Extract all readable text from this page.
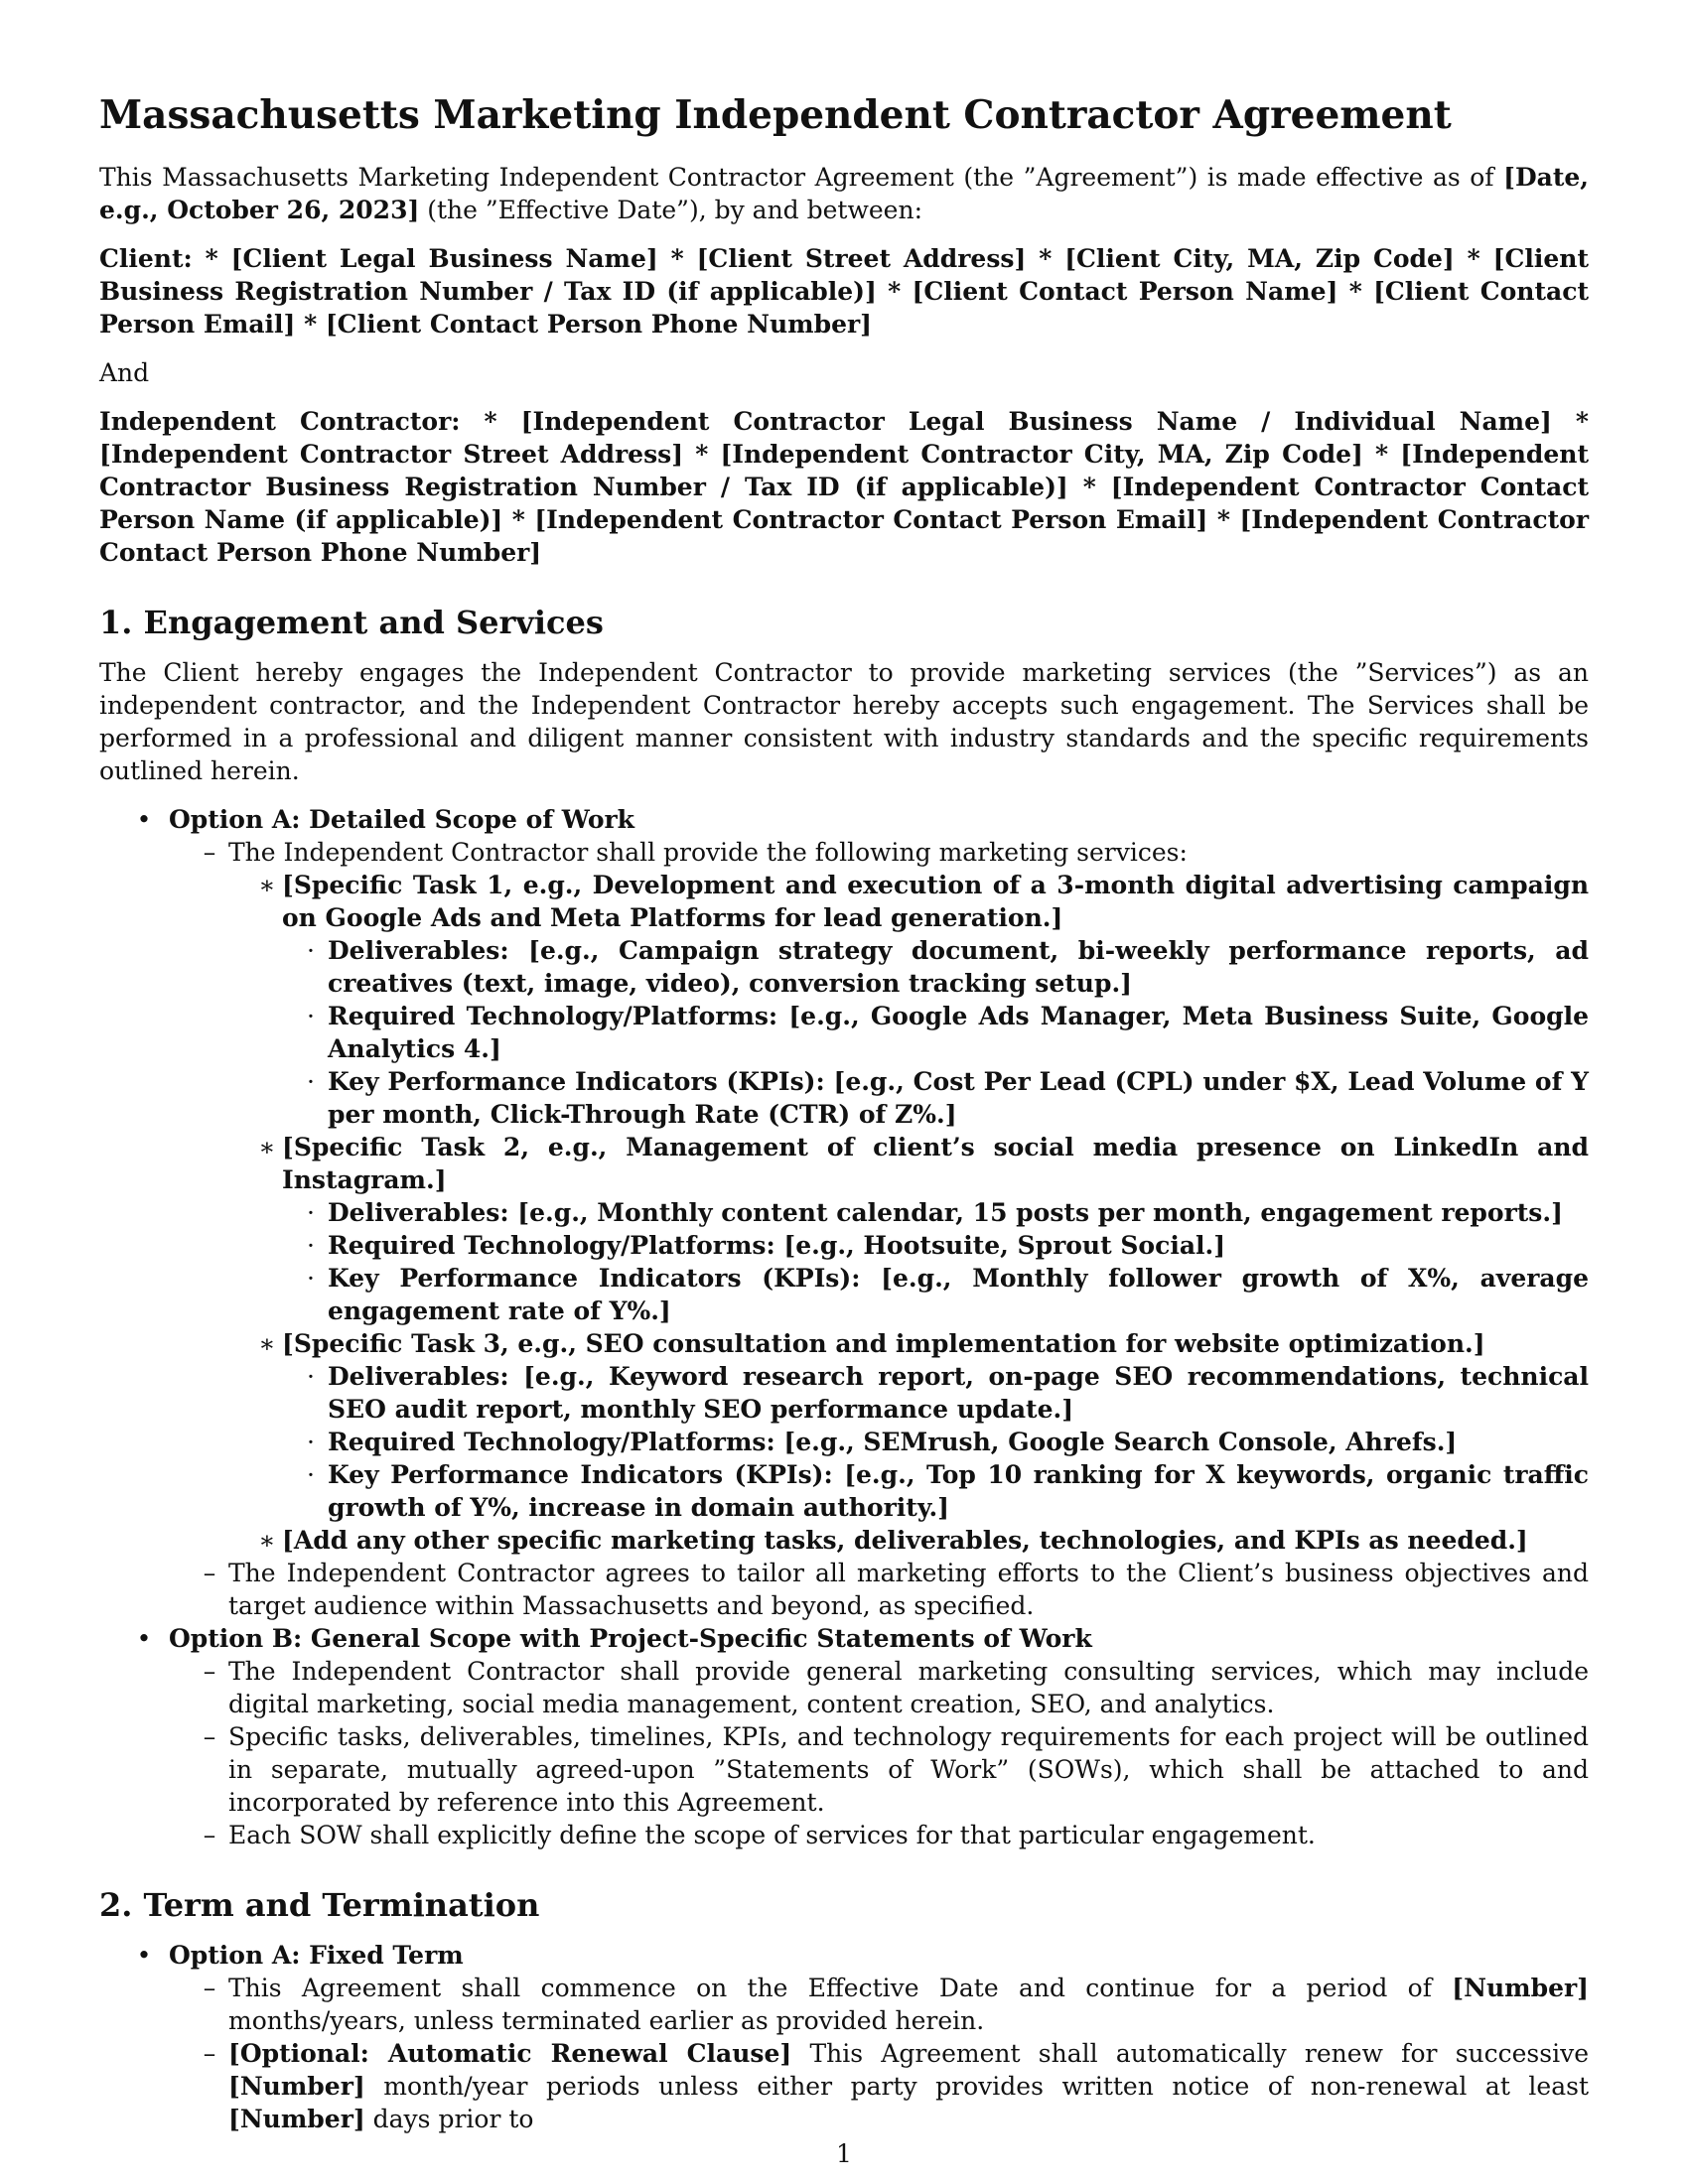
Massachusetts Marketing Independent Contractor Agreement

This Massachusetts Marketing Independent Contractor Agreement (the ”Agreement”) is made effective as of [Date, e.g., October 26, 2023] (the ”Effective Date”), by and between:

Client: * [Client Legal Business Name] * [Client Street Address] * [Client City, MA, Zip Code] * [Client Business Registration Number / Tax ID (if applicable)] * [Client Contact Person Name] * [Client Contact Person Email] * [Client Contact Person Phone Number]

And

Independent Contractor: * [Independent Contractor Legal Business Name / Individual Name] * [Independent Contractor Street Address] * [Independent Contractor City, MA, Zip Code] * [Independent Contractor Business Registration Number / Tax ID (if applicable)] * [Independent Contractor Contact Person Name (if applicable)] * [Independent Contractor Contact Person Email] * [Independent Contractor Contact Person Phone Number]

1. Engagement and Services

The Client hereby engages the Independent Contractor to provide marketing services (the ”Services”) as an independent contractor, and the Independent Contractor hereby accepts such engagement. The Services shall be performed in a professional and diligent manner consistent with industry standards and the specific requirements outlined herein.

• Option A: Detailed Scope of Work
– The Independent Contractor shall provide the following marketing services:
∗ [Specific Task 1, e.g., Development and execution of a 3-month digital advertising campaign on Google Ads and Meta Platforms for lead generation.]
· Deliverables: [e.g., Campaign strategy document, bi-weekly performance reports, ad creatives (text, image, video), conversion tracking setup.]
· Required Technology/Platforms: [e.g., Google Ads Manager, Meta Business Suite, Google Analytics 4.]
· Key Performance Indicators (KPIs): [e.g., Cost Per Lead (CPL) under $X, Lead Volume of Y per month, Click-Through Rate (CTR) of Z%.]
∗ [Specific Task 2, e.g., Management of client’s social media presence on LinkedIn and Instagram.]
· Deliverables: [e.g., Monthly content calendar, 15 posts per month, engagement reports.]
· Required Technology/Platforms: [e.g., Hootsuite, Sprout Social.]
· Key Performance Indicators (KPIs): [e.g., Monthly follower growth of X%, average engagement rate of Y%.]
∗ [Specific Task 3, e.g., SEO consultation and implementation for website optimization.]
· Deliverables: [e.g., Keyword research report, on-page SEO recommendations, technical SEO audit report, monthly SEO performance update.]
· Required Technology/Platforms: [e.g., SEMrush, Google Search Console, Ahrefs.]
· Key Performance Indicators (KPIs): [e.g., Top 10 ranking for X keywords, organic traffic growth of Y%, increase in domain authority.]
∗ [Add any other specific marketing tasks, deliverables, technologies, and KPIs as needed.]
– The Independent Contractor agrees to tailor all marketing efforts to the Client’s business objectives and target audience within Massachusetts and beyond, as specified.
• Option B: General Scope with Project-Specific Statements of Work
– The Independent Contractor shall provide general marketing consulting services, which may include digital marketing, social media management, content creation, SEO, and analytics.
– Specific tasks, deliverables, timelines, KPIs, and technology requirements for each project will be outlined in separate, mutually agreed-upon ”Statements of Work” (SOWs), which shall be attached to and incorporated by reference into this Agreement.
– Each SOW shall explicitly define the scope of services for that particular engagement.
2. Term and Termination
• Option A: Fixed Term
– This Agreement shall commence on the Effective Date and continue for a period of [Number] months/years, unless terminated earlier as provided herein.
– [Optional: Automatic Renewal Clause] This Agreement shall automatically renew for successive [Number] month/year periods unless either party provides written notice of non-renewal at least [Number] days prior to
1
